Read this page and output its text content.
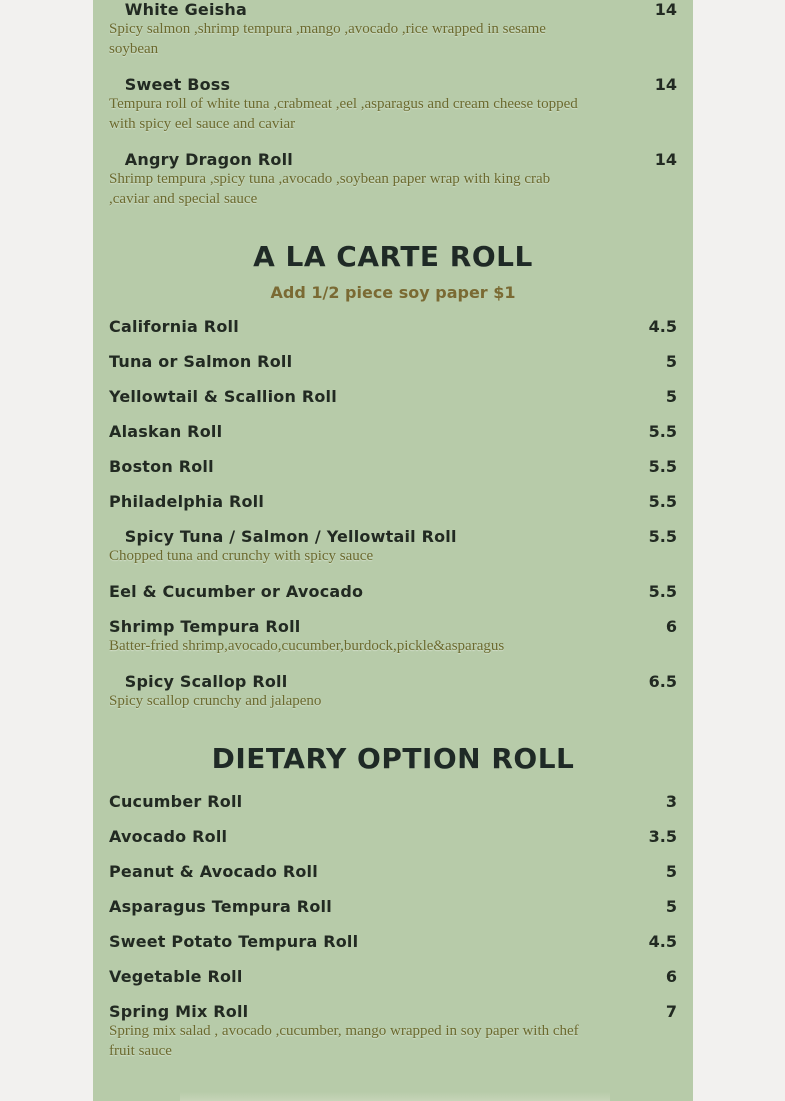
White Geisha	14
Spicy salmon ,shrimp tempura ,mango ,avocado ,rice wrapped in sesame soybean
Sweet Boss	14
Tempura roll of white tuna ,crabmeat ,eel ,asparagus and cream cheese topped with spicy eel sauce and caviar
Angry Dragon Roll	14
Shrimp tempura ,spicy tuna ,avocado ,soybean paper wrap with king crab ,caviar and special sauce
A LA CARTE ROLL
Add 1/2 piece soy paper $1
California Roll	4.5
Tuna or Salmon Roll	5
Yellowtail & Scallion Roll	5
Alaskan Roll	5.5
Boston Roll	5.5
Philadelphia Roll	5.5
Spicy Tuna / Salmon / Yellowtail Roll	5.5
Chopped tuna and crunchy with spicy sauce
Eel & Cucumber or Avocado	5.5
Shrimp Tempura Roll	6
Batter-fried shrimp,avocado,cucumber,burdock,pickle&asparagus
Spicy Scallop Roll	6.5
Spicy scallop crunchy and jalapeno
DIETARY OPTION ROLL
Cucumber Roll	3
Avocado Roll	3.5
Peanut & Avocado Roll	5
Asparagus Tempura Roll	5
Sweet Potato Tempura Roll	4.5
Vegetable Roll	6
Spring Mix Roll	7
Spring mix salad , avocado ,cucumber, mango wrapped in soy paper with chef fruit sauce
